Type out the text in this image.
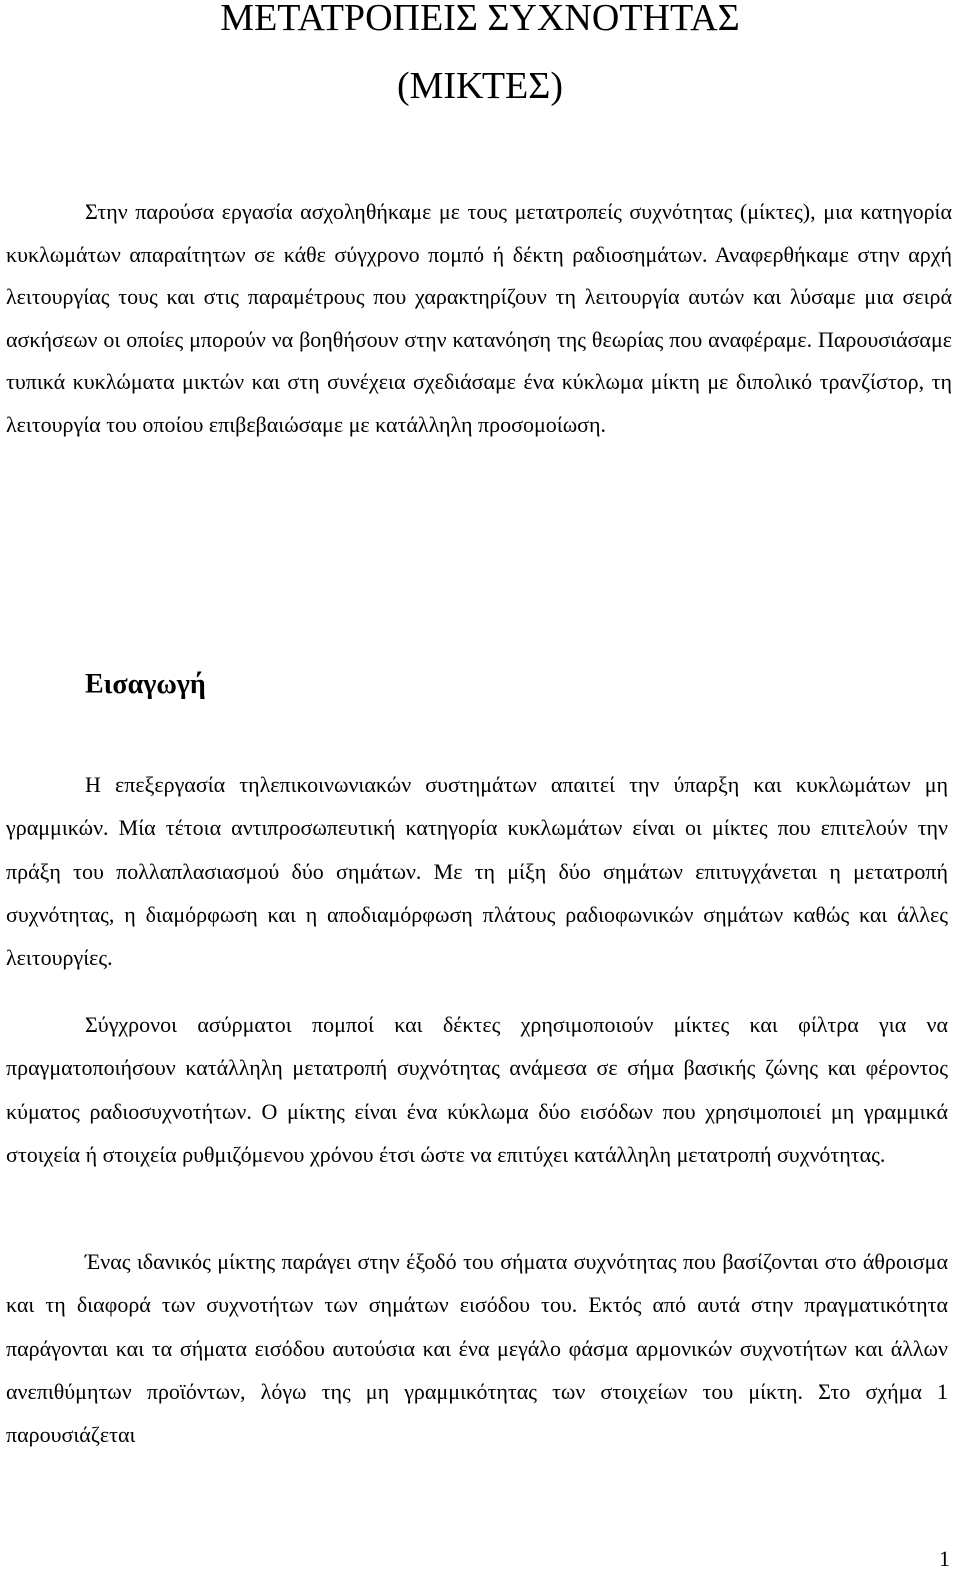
ΜΕΤΑΤΡΟΠΕΙΣ ΣΥΧΝΟΤΗΤΑΣ
(ΜΙΚΤΕΣ)

Στην παρούσα εργασία ασχοληθήκαμε με τους μετατροπείς συχνότητας (μίκτες), μια κατηγορία κυκλωμάτων απαραίτητων σε κάθε σύγχρονο πομπό ή δέκτη ραδιοσημάτων. Αναφερθήκαμε στην αρχή λειτουργίας τους και στις παραμέτρους που χαρακτηρίζουν τη λειτουργία αυτών και λύσαμε μια σειρά ασκήσεων οι οποίες μπορούν να βοηθήσουν στην κατανόηση της θεωρίας που αναφέραμε. Παρουσιάσαμε τυπικά κυκλώματα μικτών και στη συνέχεια σχεδιάσαμε ένα κύκλωμα μίκτη με διπολικό τρανζίστορ, τη λειτουργία του οποίου επιβεβαιώσαμε με κατάλληλη προσομοίωση.

Εισαγωγή

Η επεξεργασία τηλεπικοινωνιακών συστημάτων απαιτεί την ύπαρξη και κυκλωμάτων μη γραμμικών. Μία τέτοια αντιπροσωπευτική κατηγορία κυκλωμάτων είναι οι μίκτες που επιτελούν την πράξη του πολλαπλασιασμού δύο σημάτων. Με τη μίξη δύο σημάτων επιτυγχάνεται η μετατροπή συχνότητας, η διαμόρφωση και η αποδιαμόρφωση πλάτους ραδιοφωνικών σημάτων καθώς και άλλες λειτουργίες.

Σύγχρονοι ασύρματοι πομποί και δέκτες χρησιμοποιούν μίκτες και φίλτρα για να πραγματοποιήσουν κατάλληλη μετατροπή συχνότητας ανάμεσα σε σήμα βασικής ζώνης και φέροντος κύματος ραδιοσυχνοτήτων. Ο μίκτης είναι ένα κύκλωμα δύο εισόδων που χρησιμοποιεί μη γραμμικά στοιχεία ή στοιχεία ρυθμιζόμενου χρόνου έτσι ώστε να επιτύχει κατάλληλη μετατροπή συχνότητας.

Ένας ιδανικός μίκτης παράγει στην έξοδό του σήματα συχνότητας που βασίζονται στο άθροισμα και τη διαφορά των συχνοτήτων των σημάτων εισόδου του. Εκτός από αυτά στην πραγματικότητα παράγονται και τα σήματα εισόδου αυτούσια και ένα μεγάλο φάσμα αρμονικών συχνοτήτων και άλλων ανεπιθύμητων προϊόντων, λόγω της μη γραμμικότητας των στοιχείων του μίκτη. Στο σχήμα 1 παρουσιάζεται

1
